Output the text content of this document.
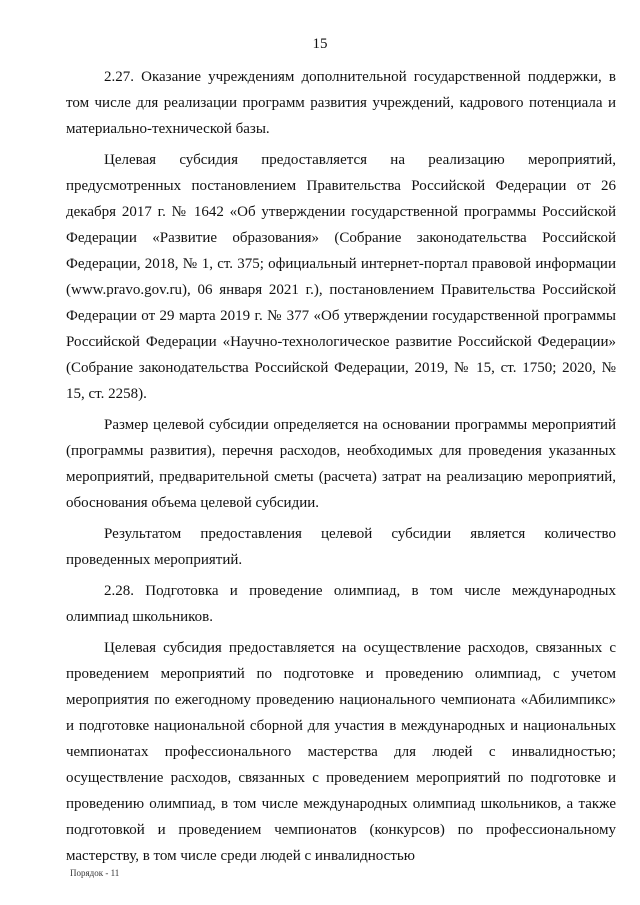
15

2.27. Оказание учреждениям дополнительной государственной поддержки, в том числе для реализации программ развития учреждений, кадрового потенциала и материально-технической базы.

Целевая субсидия предоставляется на реализацию мероприятий, предусмотренных постановлением Правительства Российской Федерации от 26 декабря 2017 г. № 1642 «Об утверждении государственной программы Российской Федерации «Развитие образования» (Собрание законодательства Российской Федерации, 2018, № 1, ст. 375; официальный интернет-портал правовой информации (www.pravo.gov.ru), 06 января 2021 г.), постановлением Правительства Российской Федерации от 29 марта 2019 г. № 377 «Об утверждении государственной программы Российской Федерации «Научно-технологическое развитие Российской Федерации» (Собрание законодательства Российской Федерации, 2019, № 15, ст. 1750; 2020, № 15, ст. 2258).

Размер целевой субсидии определяется на основании программы мероприятий (программы развития), перечня расходов, необходимых для проведения указанных мероприятий, предварительной сметы (расчета) затрат на реализацию мероприятий, обоснования объема целевой субсидии.

Результатом предоставления целевой субсидии является количество проведенных мероприятий.

2.28. Подготовка и проведение олимпиад, в том числе международных олимпиад школьников.

Целевая субсидия предоставляется на осуществление расходов, связанных с проведением мероприятий по подготовке и проведению олимпиад, с учетом мероприятия по ежегодному проведению национального чемпионата «Абилимпикс» и подготовке национальной сборной для участия в международных и национальных чемпионатах профессионального мастерства для людей с инвалидностью; осуществление расходов, связанных с проведением мероприятий по подготовке и проведению олимпиад, в том числе международных олимпиад школьников, а также подготовкой и проведением чемпионатов (конкурсов) по профессиональному мастерству, в том числе среди людей с инвалидностью

Порядок - 11
